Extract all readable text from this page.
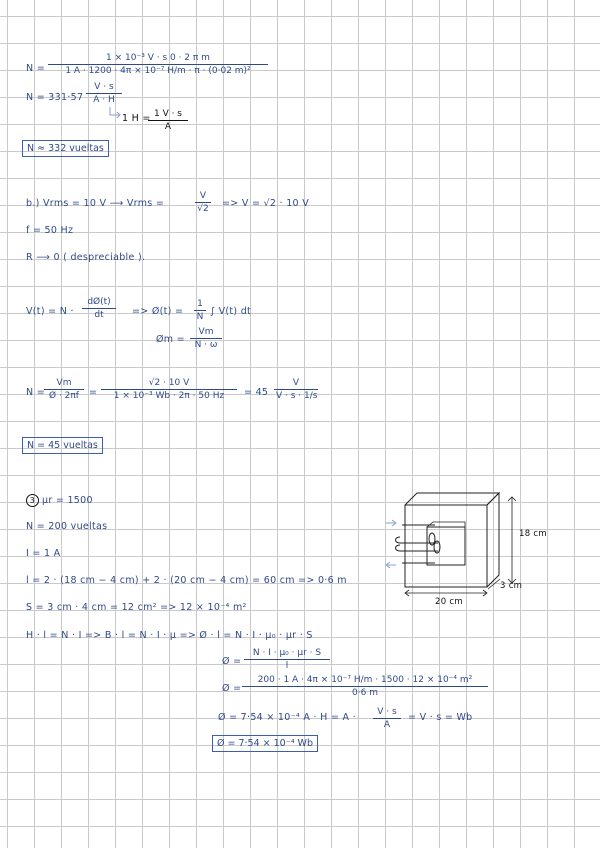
$N = \frac{\text{1 × 10⁻³ V · s 0 · 2 π m}}{\text{1 A · 1200 · 4π × 10⁻⁷ H/m · π · (0·02 m)²}}$
$N = 331\cdot 57 \frac{V \cdot s}{A \cdot H}$
1 H =
$\frac{1 V \cdot s}{A}$
N ≈ 332 vueltas
b.) Vrms = 10 V ⟶ Vrms =	$\frac{V}{√2} => V = √2 \cdot 10$ V
f = 50 Hz
R ⟶ 0 ( despreciable ).
$V(t) = N \cdot \frac{dØ(t)}{dt}$ => Ø(t) = $\frac{1}{N}$ ∫ V(t) dt
Øm = $\frac{Vm}{N \cdot \omega}$
$N = \frac{Vm}{Ø \cdot 2\pi f} = \frac{√2 \cdot 10 V}{\text{1 × 10⁻³ Wb · 2π · 50 Hz}} = 45 \frac{V}{V \cdot s \cdot 1/s}$
N = 45 vueltas
3 μr = 1500
N = 200 vueltas
I = 1 A
l = 2 · (18 cm − 4 cm) + 2 · (20 cm − 4 cm) = 60 cm => 0·6 m
S = 3 cm · 4 cm = 12 cm² => 12 × 10⁻⁴ m²
H · l = N · I => B · l = N · I · μ => Ø · l = N · I · μ₀ · μr · S
Ø = $\frac{\text{N · I · μ₀ · μr · S}}{l}$
Ø = $\frac{\text{200 · 1 A · 4π × 10⁻⁷ H/m · 1500 · 12 × 10⁻⁴ m²}}{0\cdot 6 m}$
Ø = 7·54 × 10⁻⁴ $A \cdot H = A \cdot \frac{V \cdot s}{A} = V \cdot s = Wb$
Ø = 7·54 × 10⁻⁴ Wb
18 cm
20 cm
3 cm
